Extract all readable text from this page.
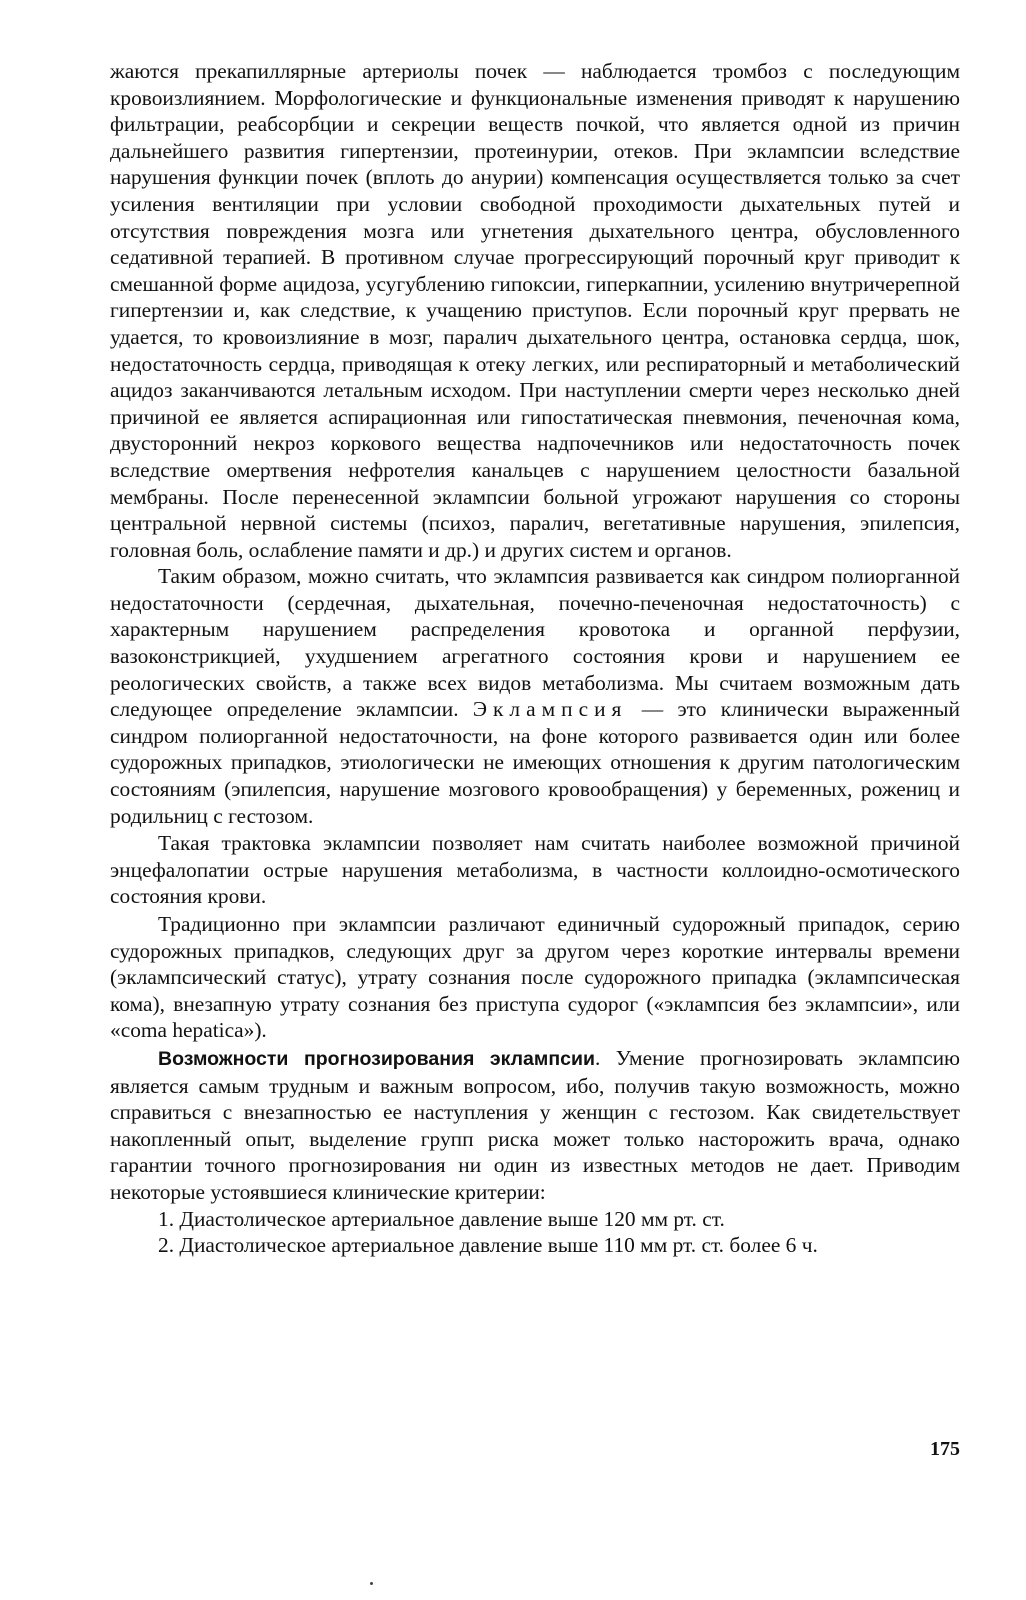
жаются прекапиллярные артериолы почек — наблюдается тромбоз с последующим кровоизлиянием. Морфологические и функциональные изменения приводят к нарушению фильтрации, реабсорбции и секреции веществ почкой, что является одной из причин дальнейшего развития гипертензии, протеинурии, отеков. При эклампсии вследствие нарушения функции почек (вплоть до анурии) компенсация осуществляется только за счет усиления вентиляции при условии свободной проходимости дыхательных путей и отсутствия повреждения мозга или угнетения дыхательного центра, обусловленного седативной терапией. В противном случае прогрессирующий порочный круг приводит к смешанной форме ацидоза, усугублению гипоксии, гиперкапнии, усилению внутричерепной гипертензии и, как следствие, к учащению приступов. Если порочный круг прервать не удается, то кровоизлияние в мозг, паралич дыхательного центра, остановка сердца, шок, недостаточность сердца, приводящая к отеку легких, или респираторный и метаболический ацидоз заканчиваются летальным исходом. При наступлении смерти через несколько дней причиной ее является аспирационная или гипостатическая пневмония, печеночная кома, двусторонний некроз коркового вещества надпочечников или недостаточность почек вследствие омертвения нефротелия канальцев с нарушением целостности базальной мембраны. После перенесенной эклампсии больной угрожают нарушения со стороны центральной нервной системы (психоз, паралич, вегетативные нарушения, эпилепсия, головная боль, ослабление памяти и др.) и других систем и органов.

Таким образом, можно считать, что эклампсия развивается как синдром полиорганной недостаточности (сердечная, дыхательная, почечно-печеночная недостаточность) с характерным нарушением распределения кровотока и органной перфузии, вазоконстрикцией, ухудшением агрегатного состояния крови и нарушением ее реологических свойств, а также всех видов метаболизма. Мы считаем возможным дать следующее определение эклампсии. Эклампсия — это клинически выраженный синдром полиорганной недостаточности, на фоне которого развивается один или более судорожных припадков, этиологически не имеющих отношения к другим патологическим состояниям (эпилепсия, нарушение мозгового кровообращения) у беременных, рожениц и родильниц с гестозом.

Такая трактовка эклампсии позволяет нам считать наиболее возможной причиной энцефалопатии острые нарушения метаболизма, в частности коллоидно-осмотического состояния крови.

Традиционно при эклампсии различают единичный судорожный припадок, серию судорожных припадков, следующих друг за другом через короткие интервалы времени (эклампсический статус), утрату сознания после судорожного припадка (эклампсическая кома), внезапную утрату сознания без приступа судорог («эклампсия без эклампсии», или «coma hepatica»).

Возможности прогнозирования эклампсии. Умение прогнозировать эклампсию является самым трудным и важным вопросом, ибо, получив такую возможность, можно справиться с внезапностью ее наступления у женщин с гестозом. Как свидетельствует накопленный опыт, выделение групп риска может только насторожить врача, однако гарантии точного прогнозирования ни один из известных методов не дает. Приводим некоторые устоявшиеся клинические критерии:

1. Диастолическое артериальное давление выше 120 мм рт. ст.

2. Диастолическое артериальное давление выше 110 мм рт. ст. более 6 ч.

175
